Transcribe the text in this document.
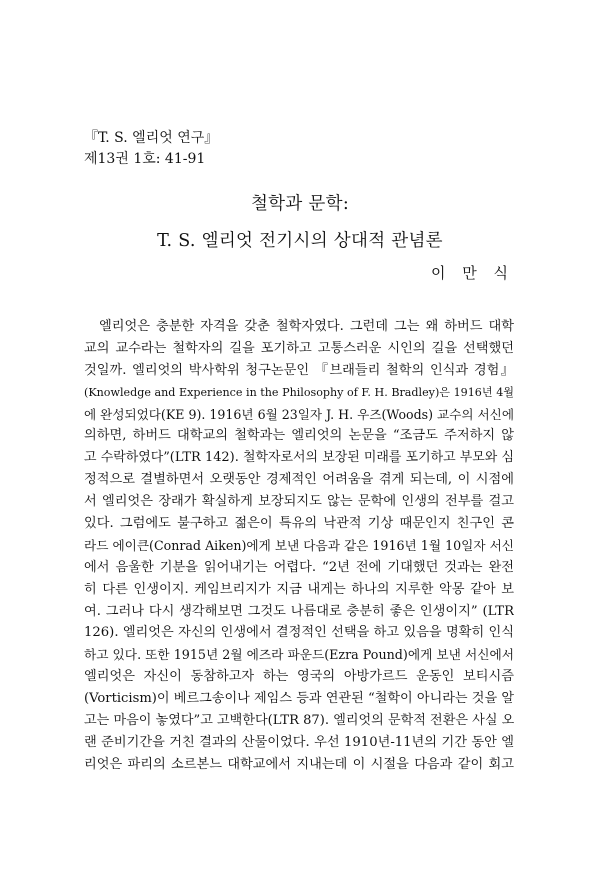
『T. S. 엘리엇 연구』
제13권 1호: 41-91
철학과 문학:
T. S. 엘리엇 전기시의 상대적 관념론
이 만 식
엘리엇은 충분한 자격을 갖춘 철학자였다. 그런데 그는 왜 하버드 대학
교의 교수라는 철학자의 길을 포기하고 고통스러운 시인의 길을 선택했던
것일까. 엘리엇의 박사학위 청구논문인 『브래들리 철학의 인식과 경험』
(Knowledge and Experience in the Philosophy of F. H. Bradley)은 1916년 4월
에 완성되었다(KE 9). 1916년 6월 23일자 J. H. 우즈(Woods) 교수의 서신에
의하면, 하버드 대학교의 철학과는 엘리엇의 논문을 “조금도 주저하지 않
고 수락하였다”(LTR 142). 철학자로서의 보장된 미래를 포기하고 부모와 심
정적으로 결별하면서 오랫동안 경제적인 어려움을 겪게 되는데, 이 시점에
서 엘리엇은 장래가 확실하게 보장되지도 않는 문학에 인생의 전부를 걸고
있다. 그럼에도 불구하고 젊은이 특유의 낙관적 기상 때문인지 친구인 콘
라드 에이큰(Conrad Aiken)에게 보낸 다음과 같은 1916년 1월 10일자 서신
에서 음울한 기분을 읽어내기는 어렵다. “2년 전에 기대했던 것과는 완전
히 다른 인생이지. 케임브리지가 지금 내게는 하나의 지루한 악몽 같아 보
여. 그러나 다시 생각해보면 그것도 나름대로 충분히 좋은 인생이지” (LTR
126). 엘리엇은 자신의 인생에서 결정적인 선택을 하고 있음을 명확히 인식
하고 있다. 또한 1915년 2월 에즈라 파운드(Ezra Pound)에게 보낸 서신에서
엘리엇은 자신이 동참하고자 하는 영국의 아방가르드 운동인 보티시즘
(Vorticism)이 베르그송이나 제임스 등과 연관된 “철학이 아니라는 것을 알
고는 마음이 놓였다”고 고백한다(LTR 87). 엘리엇의 문학적 전환은 사실 오
랜 준비기간을 거친 결과의 산물이었다. 우선 1910년-11년의 기간 동안 엘
리엇은 파리의 소르본느 대학교에서 지내는데 이 시절을 다음과 같이 회고
